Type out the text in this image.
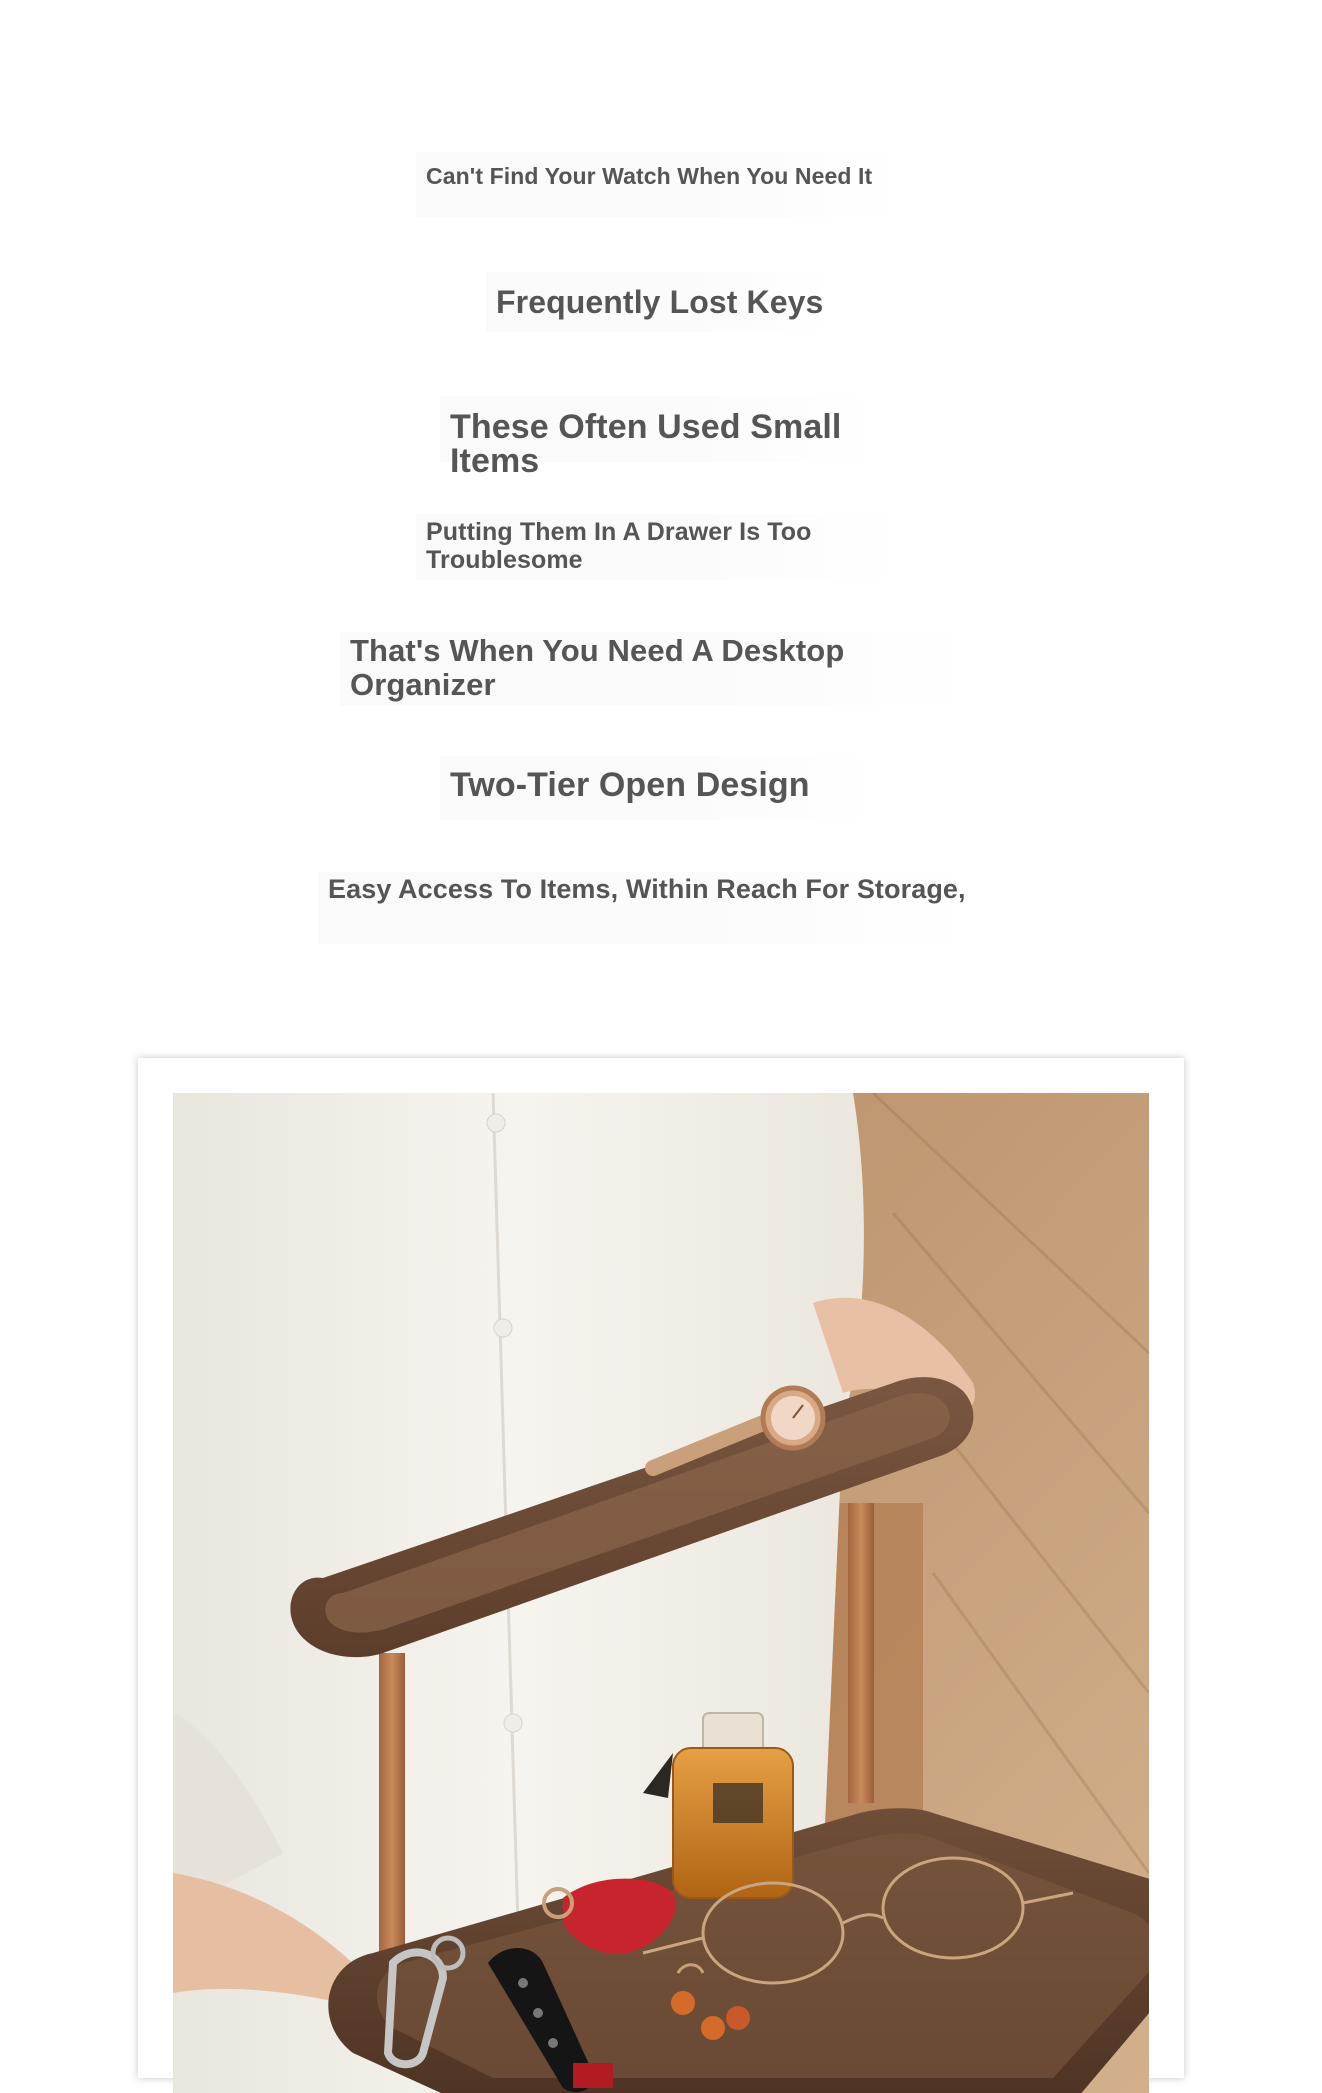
Can't Find Your Watch When You Need It
Frequently Lost Keys
These Often Used Small Items
Putting Them In A Drawer Is Too Troublesome
That's When You Need A Desktop Organizer
Two-Tier Open Design
Easy Access To Items, Within Reach For Storage,
